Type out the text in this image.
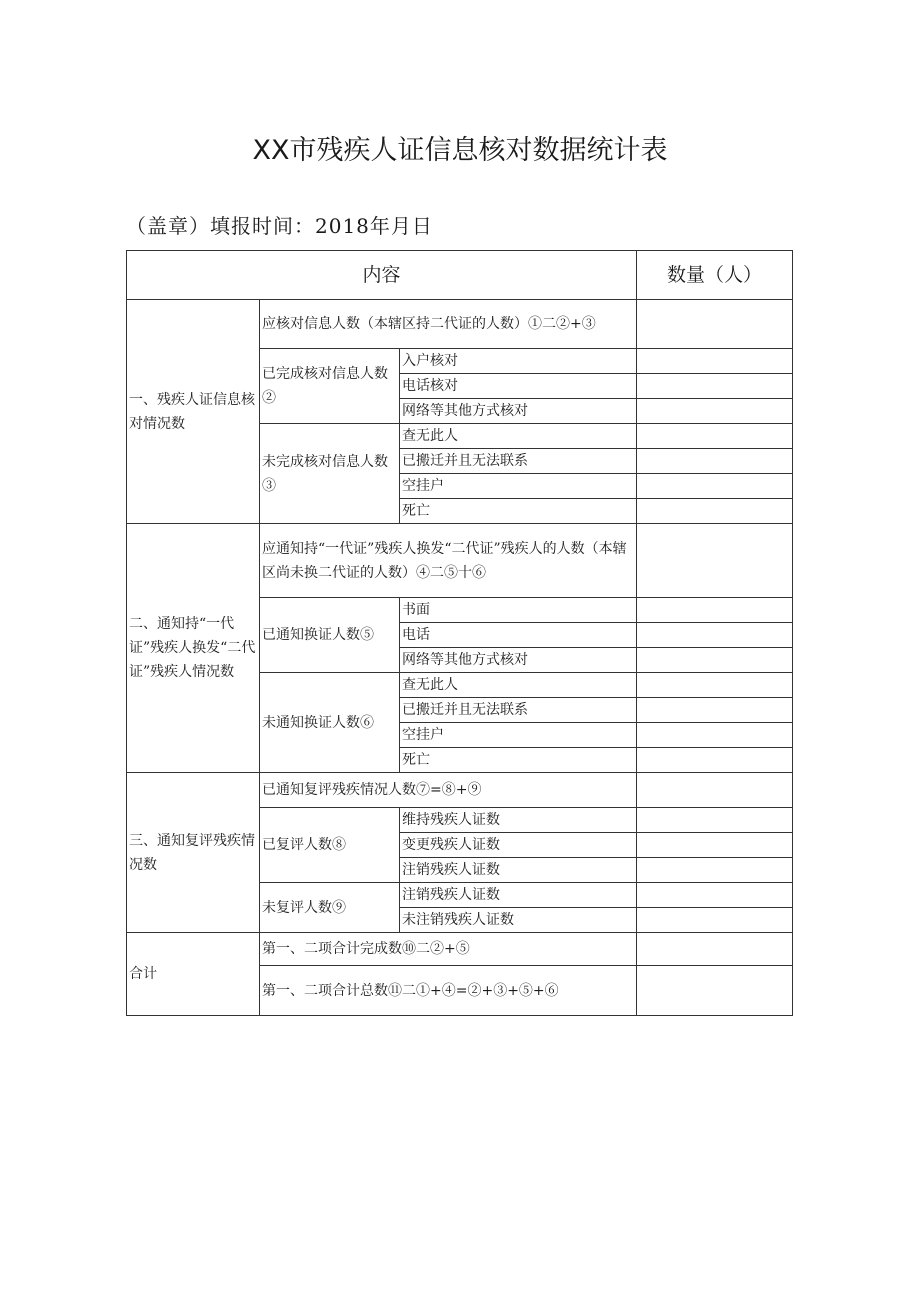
XX市残疾人证信息核对数据统计表
（盖章）填报时间：2018年月日
内容			数量（人）
一、残疾人证信息核对情况数	应核对信息人数（本辖区持二代证的人数）①二②+③		
	已完成核对信息人数②	入户核对	
		电话核对	
		网络等其他方式核对	
	未完成核对信息人数③	查无此人	
		已搬迁并且无法联系	
		空挂户	
		死亡	
二、通知持“一代证”残疾人换发“二代证”残疾人情况数	应通知持“一代证”残疾人换发“二代证”残疾人的人数（本辖区尚未换二代证的人数）④二⑤十⑥		
	已通知换证人数⑤	书面	
		电话	
		网络等其他方式核对	
	未通知换证人数⑥	查无此人	
		已搬迁并且无法联系	
		空挂户	
		死亡	
三、通知复评残疾情况数	已通知复评残疾情况人数⑦=⑧+⑨		
	已复评人数⑧	维持残疾人证数	
		变更残疾人证数	
		注销残疾人证数	
	未复评人数⑨	注销残疾人证数	
		未注销残疾人证数	
合计	第一、二项合计完成数⑩二②+⑤		
	第一、二项合计总数⑪二①+④=②+③+⑤+⑥		
